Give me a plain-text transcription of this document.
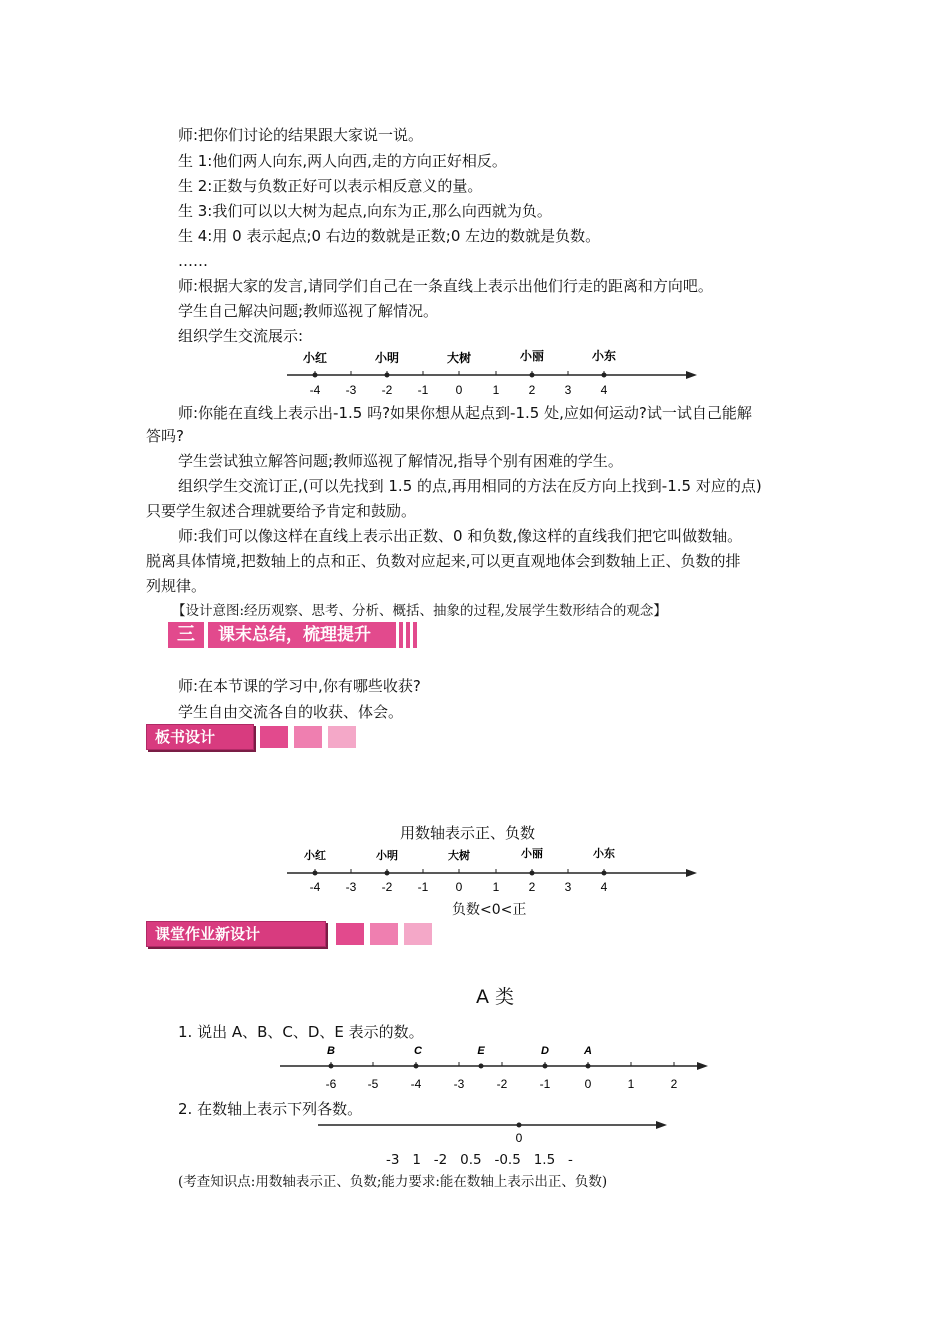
师:把你们讨论的结果跟大家说一说。
生 1:他们两人向东,两人向西,走的方向正好相反。
生 2:正数与负数正好可以表示相反意义的量。
生 3:我们可以以大树为起点,向东为正,那么向西就为负。
生 4:用 0 表示起点;0 右边的数就是正数;0 左边的数就是负数。
……
师:根据大家的发言,请同学们自己在一条直线上表示出他们行走的距离和方向吧。
学生自己解决问题;教师巡视了解情况。
组织学生交流展示:
-4 -3 -2 -1 0	1 2 3 4
小红	小明	大树	小丽	小东
师:你能在直线上表示出-1.5 吗?如果你想从起点到-1.5 处,应如何运动?试一试自己能解
答吗?
学生尝试独立解答问题;教师巡视了解情况,指导个别有困难的学生。
组织学生交流订正,(可以先找到 1.5 的点,再用相同的方法在反方向上找到-1.5 对应的点)
只要学生叙述合理就要给予肯定和鼓励。
师:我们可以像这样在直线上表示出正数、0 和负数,像这样的直线我们把它叫做数轴。
脱离具体情境,把数轴上的点和正、负数对应起来,可以更直观地体会到数轴上正、负数的排
列规律。
【设计意图:经历观察、思考、分析、概括、抽象的过程,发展学生数形结合的观念】
三	课末总结，梳理提升
师:在本节课的学习中,你有哪些收获?
学生自由交流各自的收获、体会。
板书设计
用数轴表示正、负数
-4 -3 -2 -1 0	1 2 3 4
小红	小明	大树	小丽	小东
负数<0<正
课堂作业新设计
A 类
1. 说出 A、B、C、D、E 表示的数。
-6	-5	-4	-3	-2	-1	0	1	2
B	C	E	D	A
2. 在数轴上表示下列各数。
0
-3   1   -2   0.5   -0.5   1.5   -
(考查知识点:用数轴表示正、负数;能力要求:能在数轴上表示出正、负数)
